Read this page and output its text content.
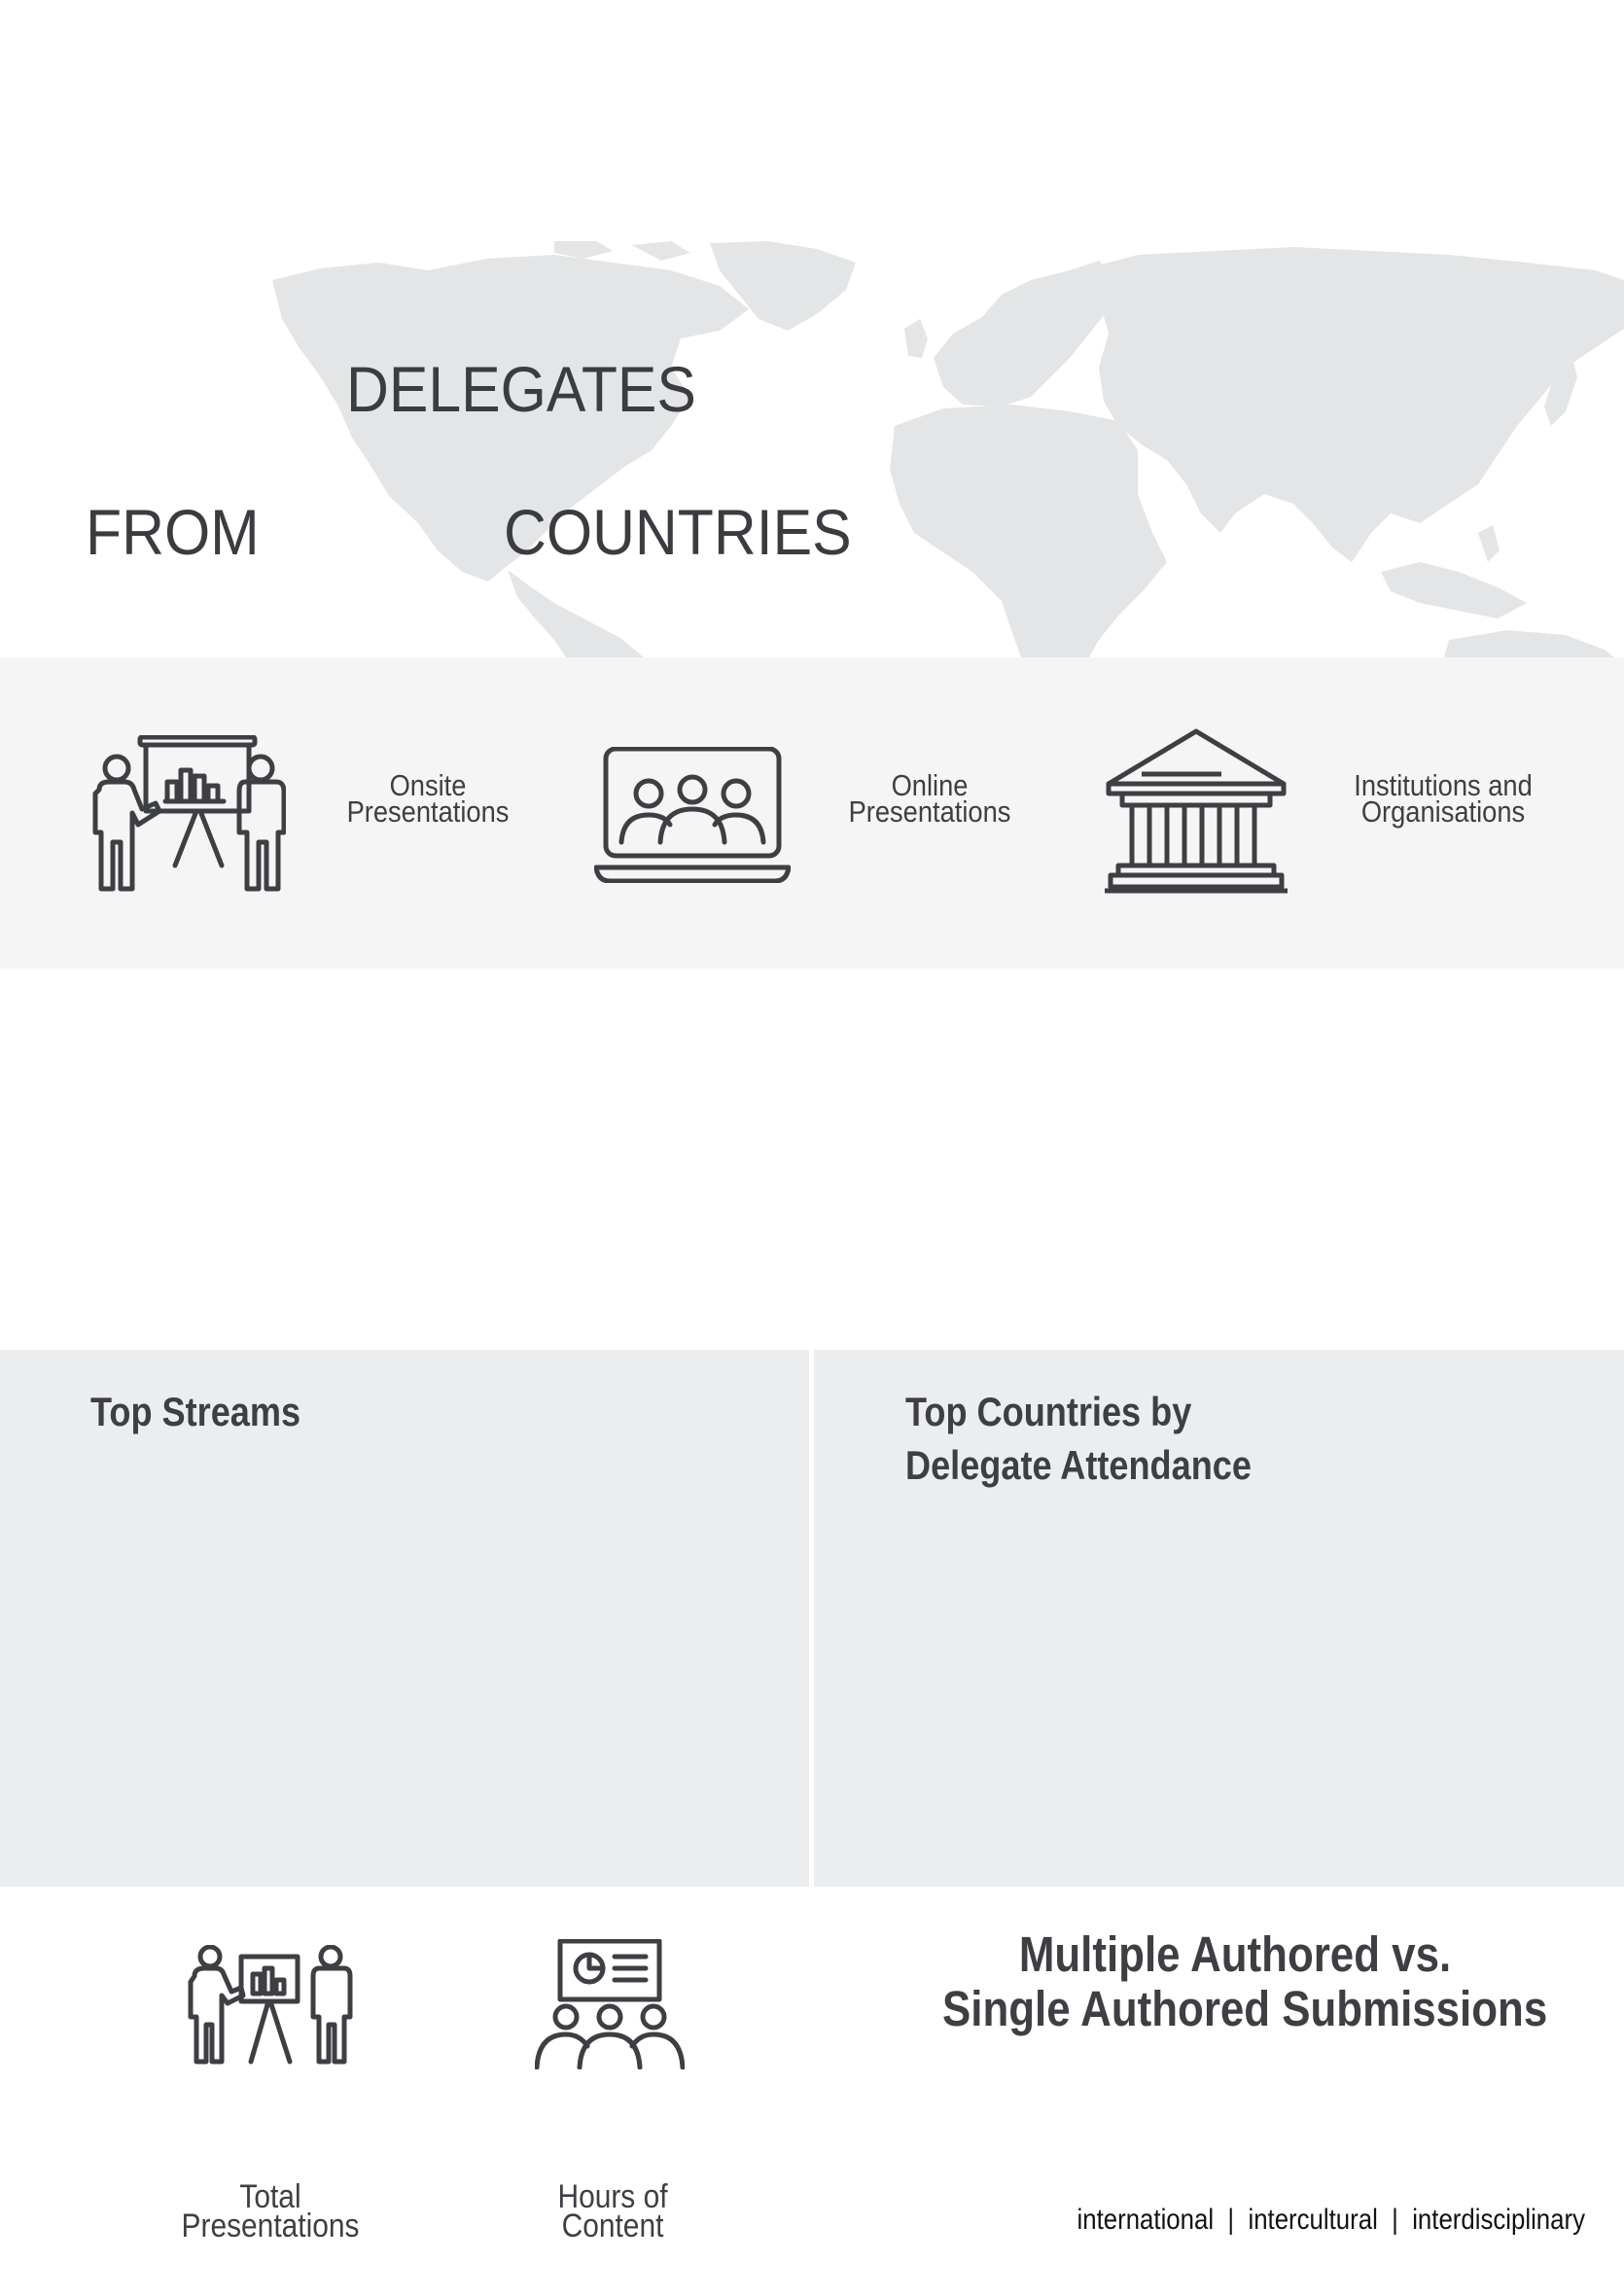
DELEGATES
FROM	COUNTRIES
Onsite
Presentations
Online
Presentations
Institutions and
Organisations
Top Streams	Top Countries by
Delegate Attendance
Total
Presentations
Hours of
Content
Multiple Authored vs.
Single Authored Submissions
international  |  intercultural  |  interdisciplinary
